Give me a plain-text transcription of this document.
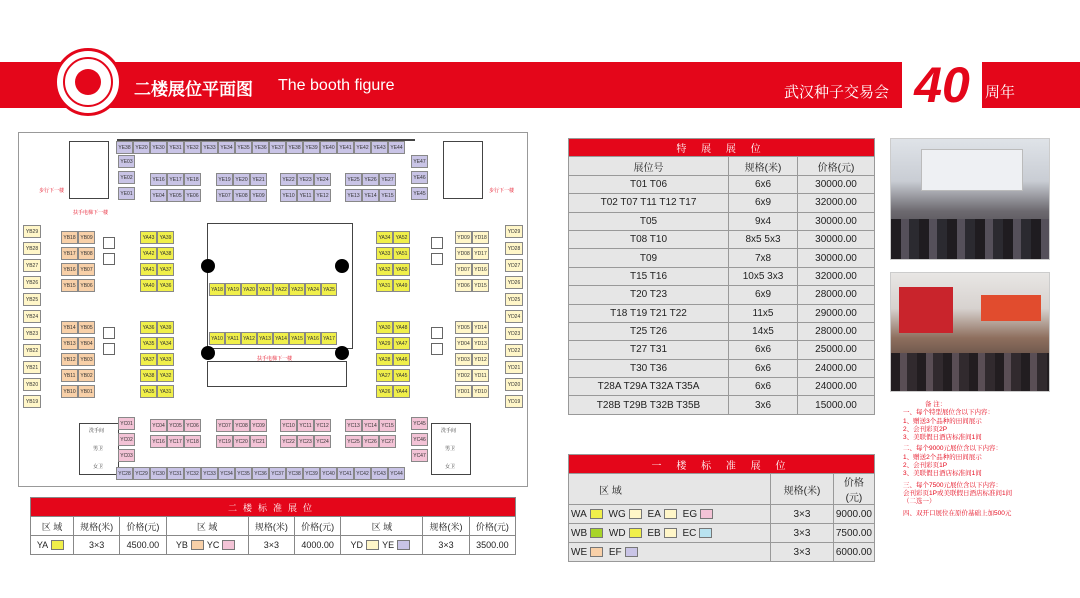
二楼展位平面图 The booth figure	武汉种子交易会 40	周年
扶手电梯下一楼
扶手电梯下一楼
步行下一楼	步行下一楼
洗手间	洗手间
男卫
女卫
男卫
女卫
YE38 YE20 YE30 YE31 YE32 YE33 YE34 YE35 YE36 YE37 YE38 YE39 YE40 YE41 YE42 YE43 YE44
YE03
YE02
YE01
YE47
YE46
YE45
YE16 YE17 YE18
YE04 YE05 YE06
YE19 YE20 YE21
YE07 YE08 YE09
YE22 YE23 YE24
YE10 YE11 YE12
YE25 YE26 YE27
YE13 YE14 YE15
YB29
YB28
YB27
YB26
YB25
YB24
YB23
YB22
YB21
YB20
YB19
YD29
YD28
YD27
YD26
YD25
YD24
YD23
YD22
YD21
YD20
YD19
YB18
YB17
YB16
YB15
YB09
YB08
YB07
YB06
YB14
YB13
YB12
YB11
YB10
YB05
YB04
YB03
YB02
YB01
YD09
YD08
YD07
YD06
YD18
YD17
YD16
YD15
YD05
YD04
YD03
YD02
YD01
YD14
YD13
YD12
YD11
YD10
YA43
YA42
YA41
YA40
YA39
YA38
YA37
YA36
YA36
YA35
YA37
YA38
YA35
YA39
YA34
YA33
YA32
YA31
YA34
YA33
YA32
YA31
YA52
YA51
YA50
YA49
YA30
YA29
YA28
YA27
YA26
YA48
YA47
YA46
YA45
YA44
YA18 YA19 YA20 YA21 YA22 YA23 YA24 YA25
YA10 YA11 YA12 YA13 YA14 YA15 YA16 YA17
YC01
YC02
YC03
YC04 YC05 YC06
YC16 YC17 YC18
YC07 YC08 YC09
YC19 YC20 YC21
YC10 YC11 YC12
YC22 YC23 YC24
YC13 YC14 YC15
YC25 YC26 YC27
YC45
YC46
YC47
YC28 YC29 YC30 YC31 YC32 YC33 YC34 YC35 YC36 YC37 YC38 YC39 YC40 YC41 YC42 YC43 YC44
二楼标准展位								
区 域	规格(米)	价格(元)	区 域	规格(米)	价格(元)	区 域	规格(米)	价格(元)
YA	3×3	4500.00	YB YC	3×3	4000.00	YD YE	3×3	3500.00
特 展 展 位		
展位号	规格(米)	价格(元)
T01 T06	6x6	30000.00
T02 T07 T11 T12 T17	6x9	32000.00
T05	9x4	30000.00
T08 T10	8x5 5x3	30000.00
T09	7x8	30000.00
T15 T16	10x5 3x3	32000.00
T20 T23	6x9	28000.00
T18 T19 T21 T22	11x5	29000.00
T25 T26	14x5	28000.00
T27 T31	6x6	25000.00
T30 T36	6x6	24000.00
T28A T29A T32A T35A	6x6	24000.00
T28B T29B T32B T35B	3x6	15000.00
一 楼 标 准 展 位		
区 域	规格(米)	价格(元)
WA WG EA EG	3×3	9000.00
WB WD EB EC	3×3	7500.00
WE EF	3×3	6000.00
备 注：
一、每个特型展位含以下内容：
1、赠送3个品种的田间展示
2、会刊彩页2P
3、美联假日酒店标准间1间
二、每个9000元展位含以下内容：
1、赠送2个品种的田间展示
2、会刊彩页1P
3、美联假日酒店标准间1间
三、每个7500元展位含以下内容：
会刊彩页1P或美联假日酒店标准间1间
（二选一）
四、双开口展位在原价基础上加500元
